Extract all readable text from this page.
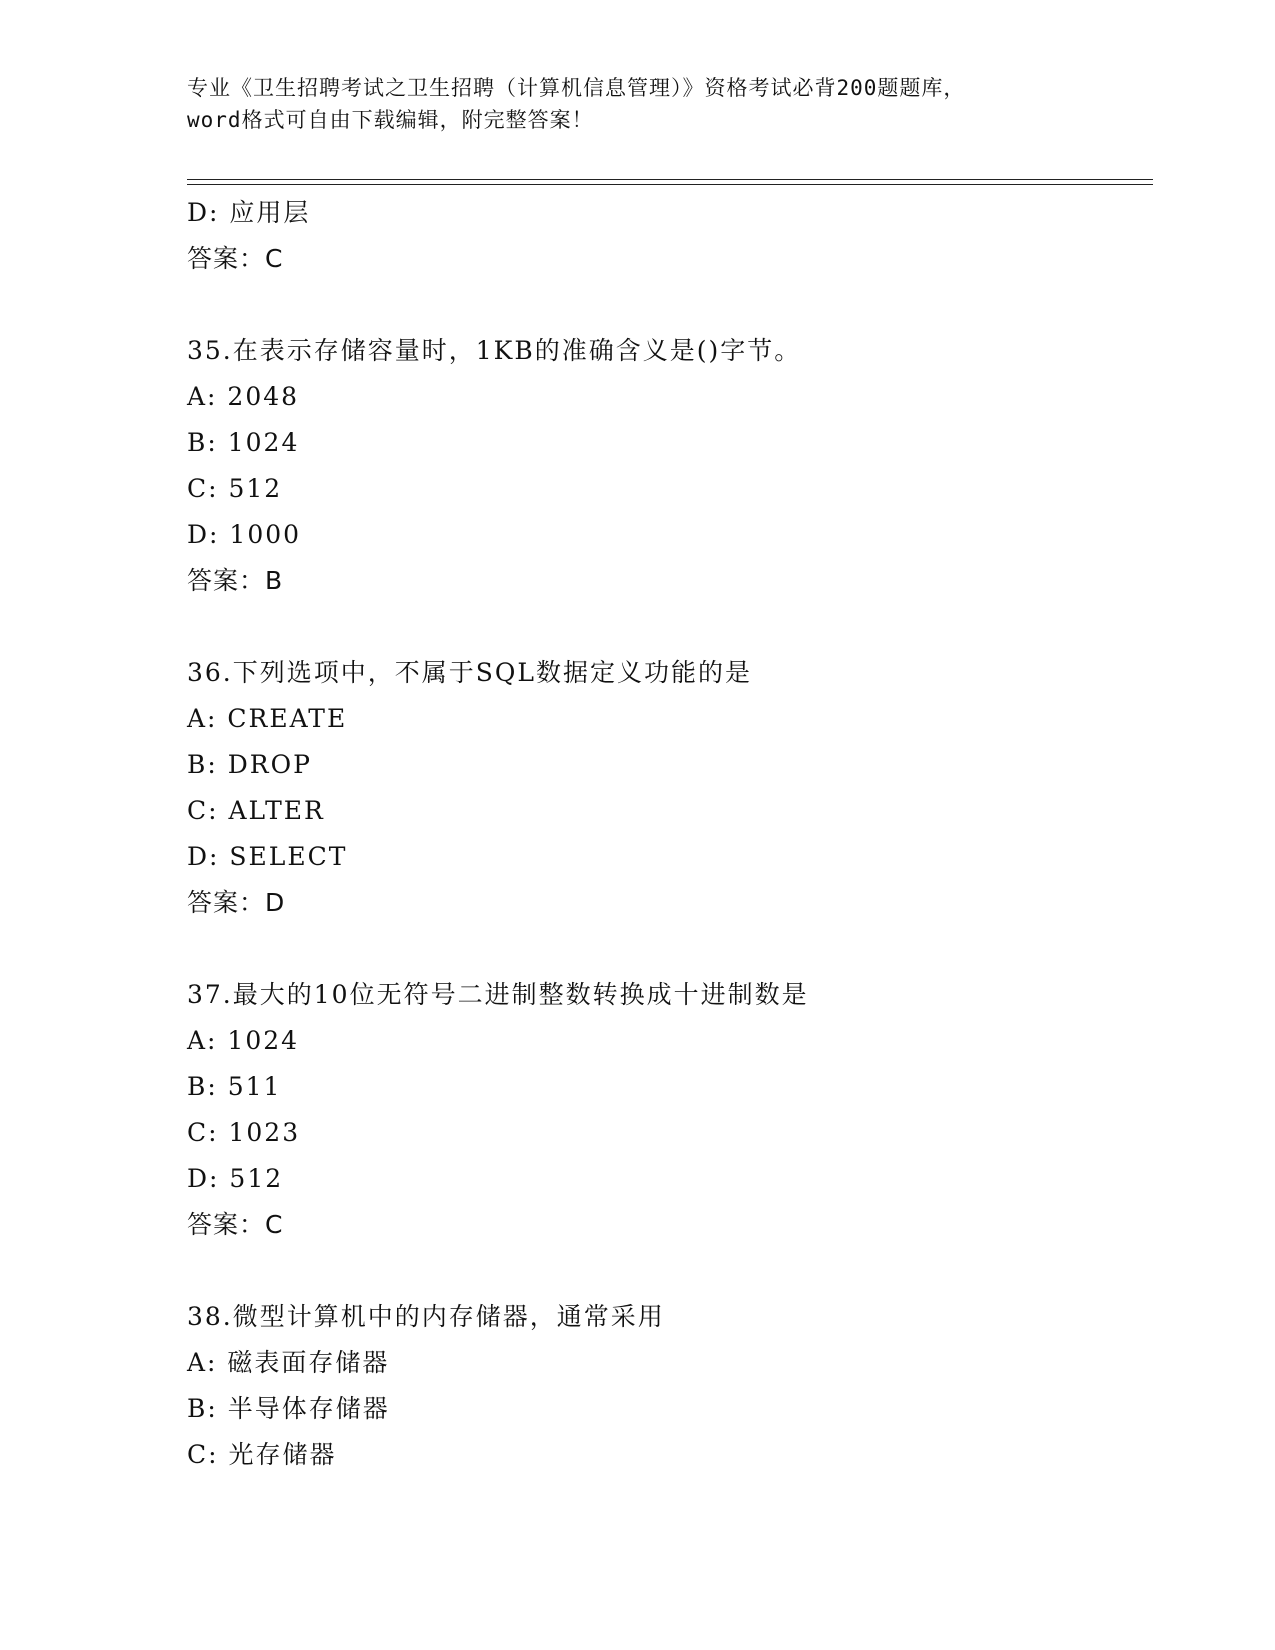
专业《卫生招聘考试之卫生招聘（计算机信息管理）》资格考试必背200题题库，
word格式可自由下载编辑，附完整答案！
D: 应用层
答案：C
35.在表示存储容量时，1KB的准确含义是()字节。
A: 2048
B: 1024
C: 512
D: 1000
答案：B
36.下列选项中，不属于SQL数据定义功能的是
A: CREATE
B: DROP
C: ALTER
D: SELECT
答案：D
37.最大的10位无符号二进制整数转换成十进制数是
A: 1024
B: 511
C: 1023
D: 512
答案：C
38.微型计算机中的内存储器，通常采用
A: 磁表面存储器
B: 半导体存储器
C: 光存储器
